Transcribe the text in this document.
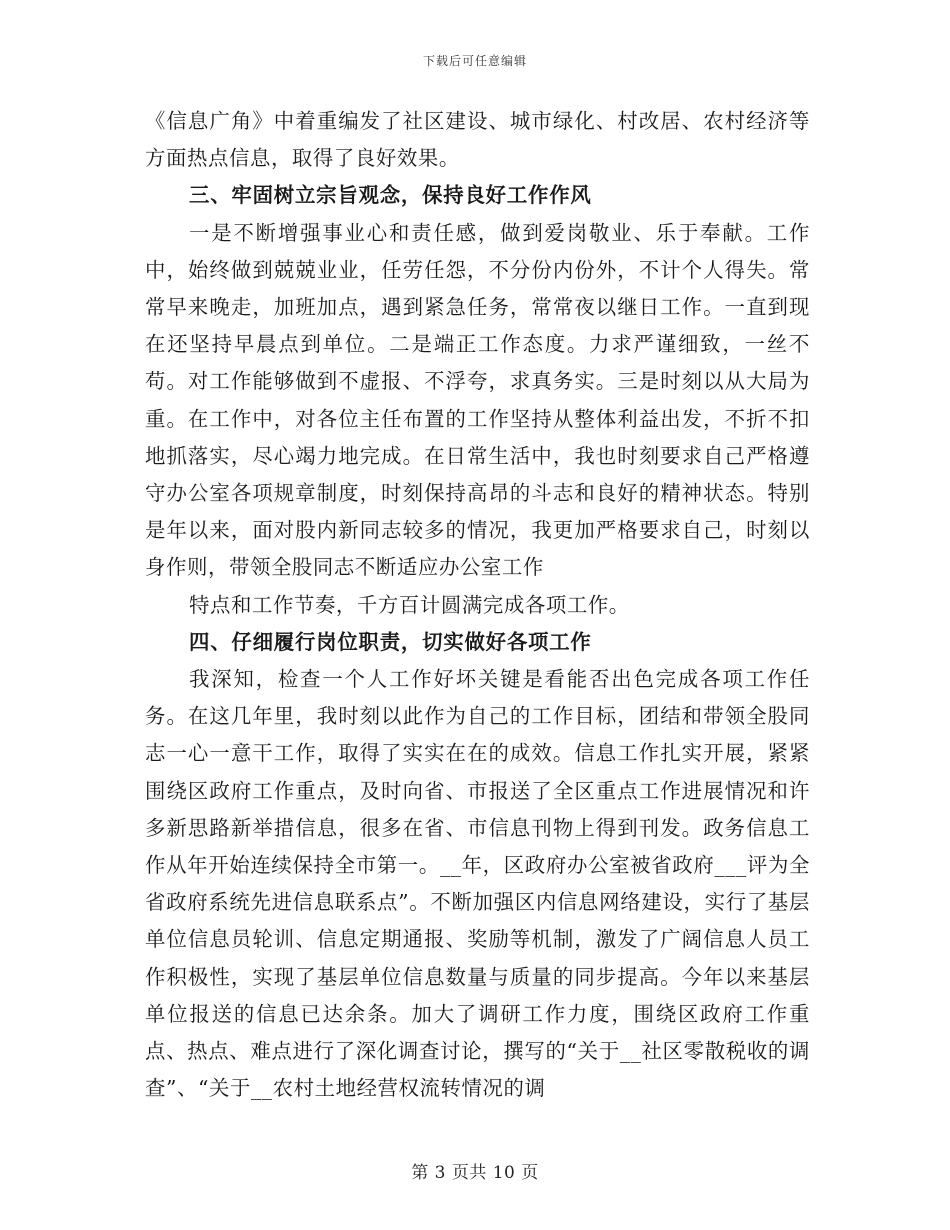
下载后可任意编辑

《信息广角》中着重编发了社区建设、城市绿化、村改居、农村经济等方面热点信息，取得了良好效果。

三、牢固树立宗旨观念，保持良好工作作风

一是不断增强事业心和责任感，做到爱岗敬业、乐于奉献。工作中，始终做到兢兢业业，任劳任怨，不分份内份外，不计个人得失。常常早来晚走，加班加点，遇到紧急任务，常常夜以继日工作。一直到现在还坚持早晨点到单位。二是端正工作态度。力求严谨细致，一丝不苟。对工作能够做到不虚报、不浮夸，求真务实。三是时刻以从大局为重。在工作中，对各位主任布置的工作坚持从整体利益出发，不折不扣地抓落实，尽心竭力地完成。在日常生活中，我也时刻要求自己严格遵守办公室各项规章制度，时刻保持高昂的斗志和良好的精神状态。特别是年以来，面对股内新同志较多的情况，我更加严格要求自己，时刻以身作则，带领全股同志不断适应办公室工作

特点和工作节奏，千方百计圆满完成各项工作。

四、仔细履行岗位职责，切实做好各项工作

我深知，检查一个人工作好坏关键是看能否出色完成各项工作任务。在这几年里，我时刻以此作为自己的工作目标，团结和带领全股同志一心一意干工作，取得了实实在在的成效。信息工作扎实开展，紧紧围绕区政府工作重点，及时向省、市报送了全区重点工作进展情况和许多新思路新举措信息，很多在省、市信息刊物上得到刊发。政务信息工作从年开始连续保持全市第一。__年，区政府办公室被省政府___评为全省政府系统先进信息联系点”。不断加强区内信息网络建设，实行了基层单位信息员轮训、信息定期通报、奖励等机制，激发了广阔信息人员工作积极性，实现了基层单位信息数量与质量的同步提高。今年以来基层单位报送的信息已达余条。加大了调研工作力度，围绕区政府工作重点、热点、难点进行了深化调查讨论，撰写的“关于__社区零散税收的调查”、“关于__农村土地经营权流转情况的调

第 3 页共 10 页
